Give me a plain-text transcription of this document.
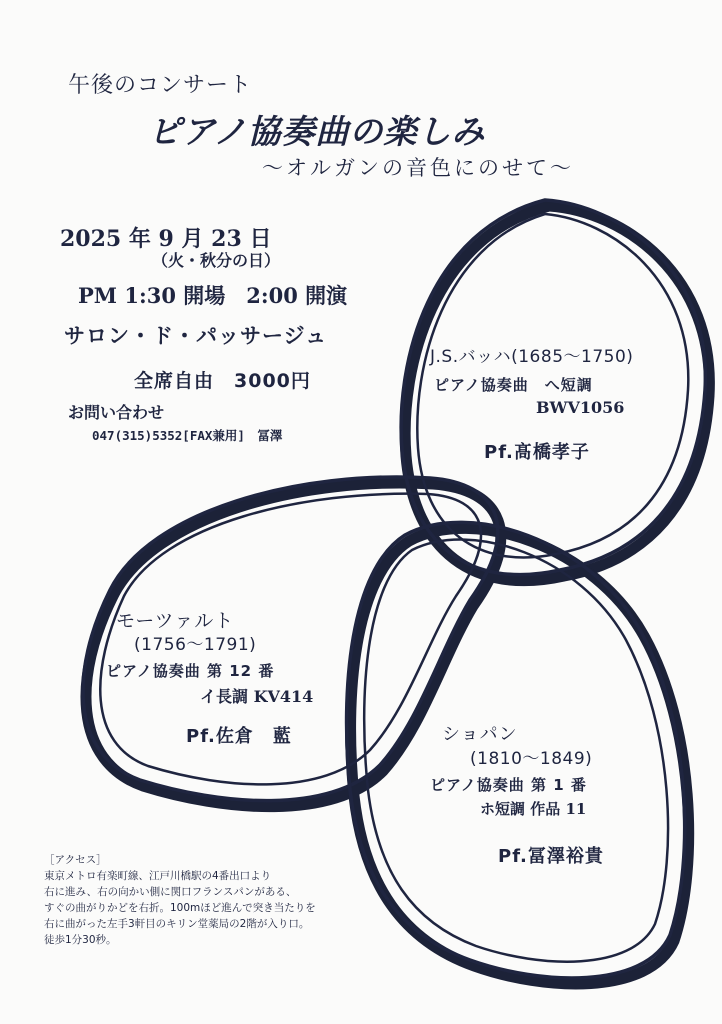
午後のコンサート
ピアノ協奏曲の楽しみ
～オルガンの音色にのせて～
2025 年 9 月 23 日
（火・秋分の日）
PM 1:30 開場　2:00 開演
サロン・ド・パッサージュ
全席自由　3000円
お問い合わせ
047(315)5352[FAX兼用]　冨澤
J.S.バッハ(1685～1750)
ピアノ協奏曲　へ短調
BWV1056
Pf.髙橋孝子
モーツァルト
(1756～1791)
ピアノ協奏曲 第 12 番
イ長調 KV414
Pf.佐倉　藍	ショパン
(1810～1849)
ピアノ協奏曲 第 1 番
ホ短調 作品 11
Pf.冨澤裕貴
［アクセス］
東京メトロ有楽町線、江戸川橋駅の4番出口より
右に進み、右の向かい側に関口フランスパンがある、
すぐの曲がりかどを右折。100mほど進んで突き当たりを
右に曲がった左手3軒目のキリン堂薬局の2階が入り口。
徒歩1分30秒。
